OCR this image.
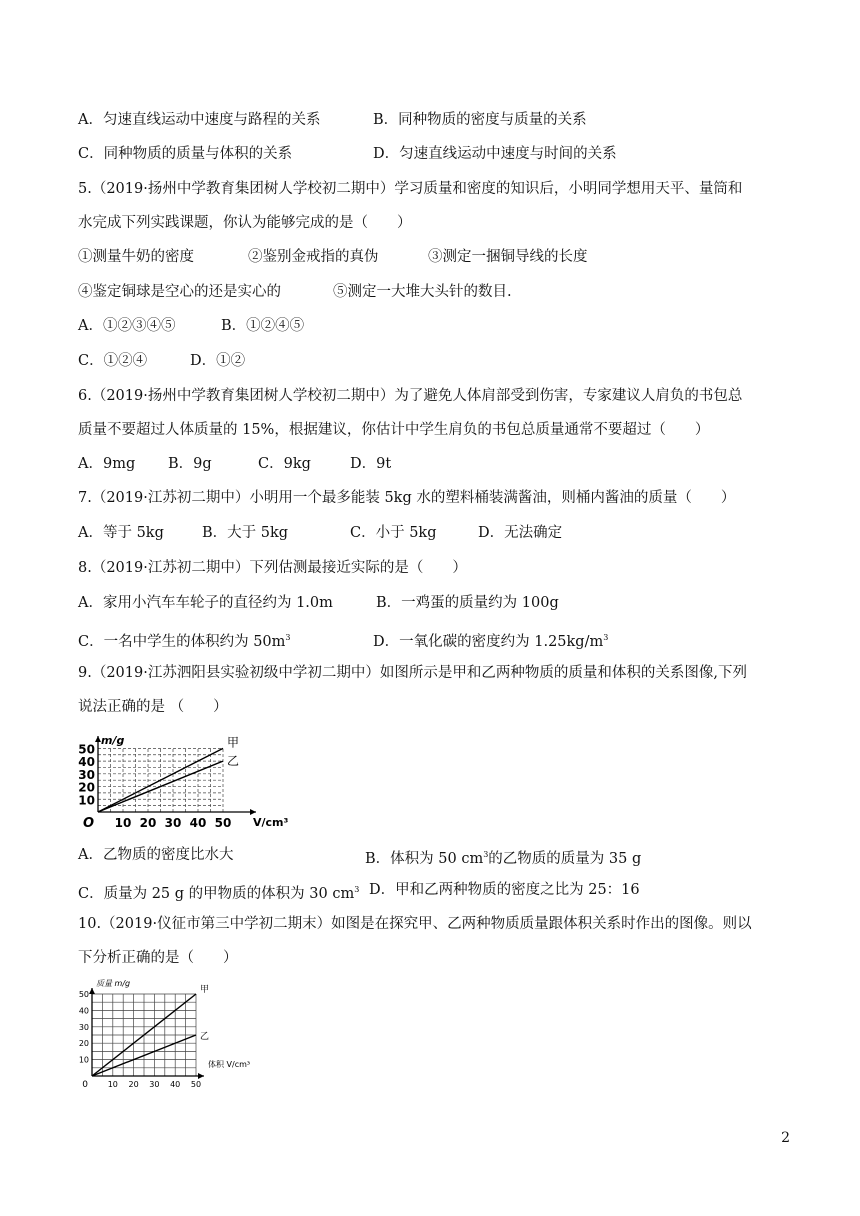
A．匀速直线运动中速度与路程的关系	B．同种物质的密度与质量的关系
C．同种物质的质量与体积的关系	D．匀速直线运动中速度与时间的关系
5.（2019·扬州中学教育集团树人学校初二期中）学习质量和密度的知识后，小明同学想用天平、量筒和
水完成下列实践课题，你认为能够完成的是（　　）
①测量牛奶的密度	②鉴别金戒指的真伪	③测定一捆铜导线的长度
④鉴定铜球是空心的还是实心的	⑤测定一大堆大头针的数目.
A．①②③④⑤	B．①②④⑤
C．①②④	D．①②
6.（2019·扬州中学教育集团树人学校初二期中）为了避免人体肩部受到伤害，专家建议人肩负的书包总
质量不要超过人体质量的 15%，根据建议，你估计中学生肩负的书包总质量通常不要超过（　　）
A．9mg B．9g	C．9kg	D．9t
7.（2019·江苏初二期中）小明用一个最多能装 5kg 水的塑料桶装满酱油，则桶内酱油的质量（　　）
A．等于 5kg	B．大于 5kg	C．小于 5kg	D．无法确定
8.（2019·江苏初二期中）下列估测最接近实际的是（　　）
A．家用小汽车车轮子的直径约为 1.0m	B．一鸡蛋的质量约为 100g
C．一名中学生的体积约为 $50m^3$	D．一氧化碳的密度约为 $1.25kg/m^3$
9.（2019·江苏泗阳县实验初级中学初二期中）如图所示是甲和乙两种物质的质量和体积的关系图像,下列
说法正确的是 （　　）
10 20 30 40 50
10
20
30
40
50
O
m/g
V/cm³
甲
乙
A．乙物质的密度比水大	B．体积为 50 $cm^3$的乙物质的质量为 35 g
C．质量为 25 g 的甲物质的体积为 30 $cm^3$ D．甲和乙两种物质的密度之比为 25：16
10.（2019·仪征市第三中学初二期末）如图是在探究甲、乙两种物质质量跟体积关系时作出的图像。则以
下分析正确的是（　　）
10 20 30 40 50
10
20
30
40
50
0
质量 m/g
体积 V/cm³
甲
乙
2
